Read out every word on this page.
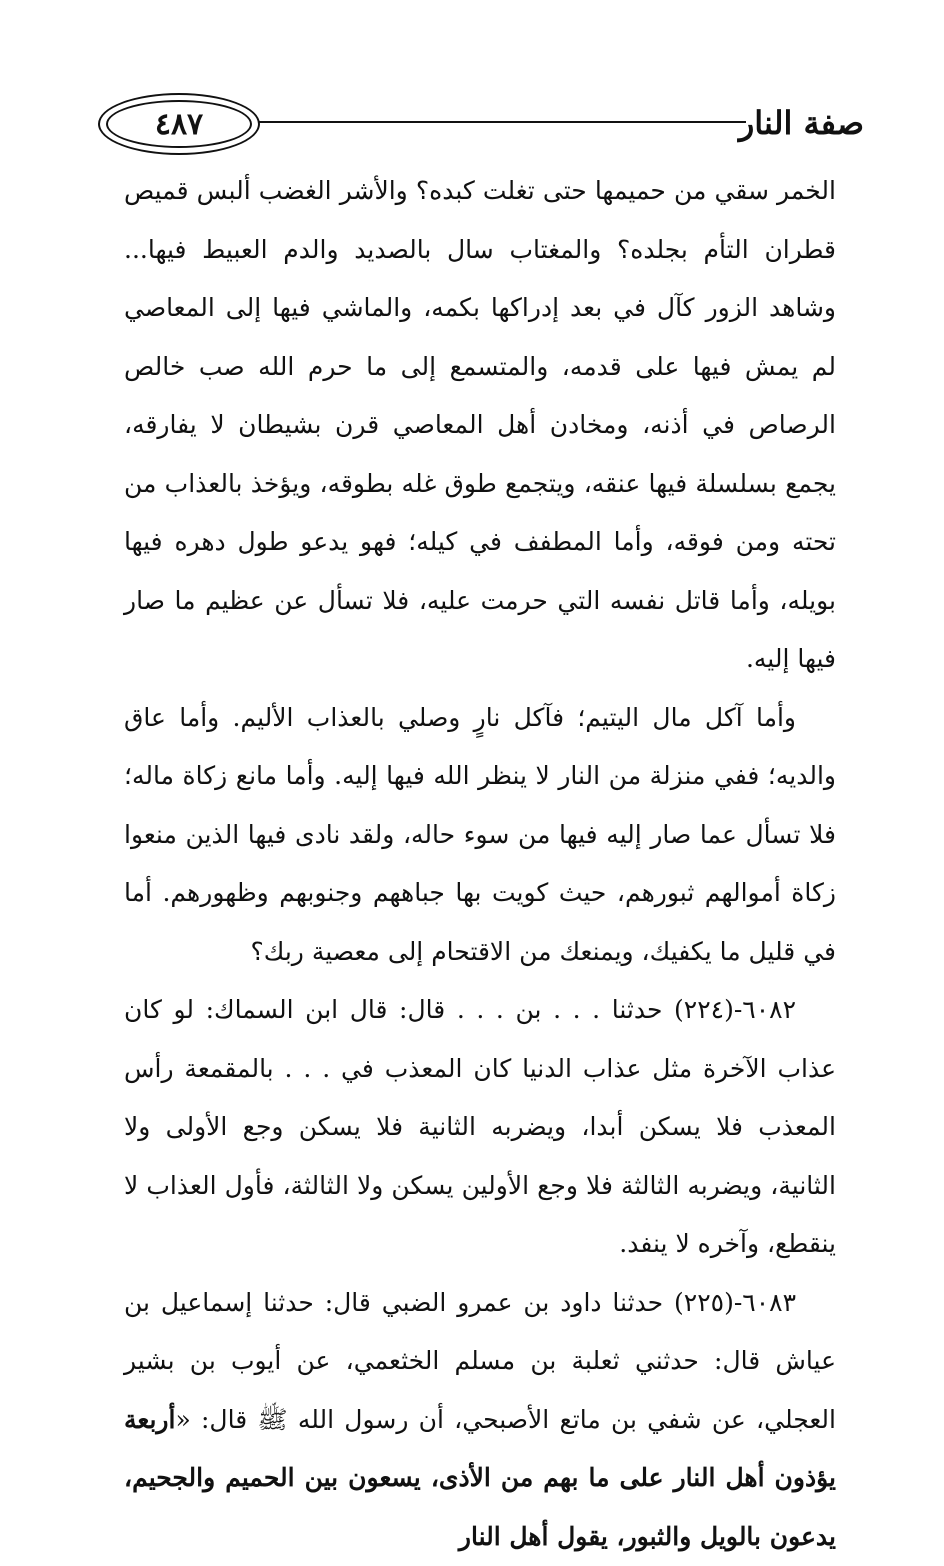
٤٨٧	صفة النار

الخمر سقي من حميمها حتى تغلت كبده؟ والأشر الغضب ألبس قميص قطران التأم بجلده؟ والمغتاب سال بالصديد والدم العبيط فيها... وشاهد الزور كآل في بعد إدراكها بكمه، والماشي فيها إلى المعاصي لم يمش فيها على قدمه، والمتسمع إلى ما حرم الله صب خالص الرصاص في أذنه، ومخادن أهل المعاصي قرن بشيطان لا يفارقه، يجمع بسلسلة فيها عنقه، ويتجمع طوق غله بطوقه، ويؤخذ بالعذاب من تحته ومن فوقه، وأما المطفف في كيله؛ فهو يدعو طول دهره فيها بويله، وأما قاتل نفسه التي حرمت عليه، فلا تسأل عن عظيم ما صار فيها إليه.

وأما آكل مال اليتيم؛ فآكل نارٍ وصلي بالعذاب الأليم. وأما عاق والديه؛ ففي منزلة من النار لا ينظر الله فيها إليه. وأما مانع زكاة ماله؛ فلا تسأل عما صار إليه فيها من سوء حاله، ولقد نادى فيها الذين منعوا زكاة أموالهم ثبورهم، حيث كويت بها جباههم وجنوبهم وظهورهم. أما في قليل ما يكفيك، ويمنعك من الاقتحام إلى معصية ربك؟

٦٠٨٢-(٢٢٤) حدثنا . . . بن . . . قال: قال ابن السماك: لو كان عذاب الآخرة مثل عذاب الدنيا كان المعذب في . . . بالمقمعة رأس المعذب فلا يسكن أبدا، ويضربه الثانية فلا يسكن وجع الأولى ولا الثانية، ويضربه الثالثة فلا وجع الأولين يسكن ولا الثالثة، فأول العذاب لا ينقطع، وآخره لا ينفد.

٦٠٨٣-(٢٢٥) حدثنا داود بن عمرو الضبي قال: حدثنا إسماعيل بن عياش قال: حدثني ثعلبة بن مسلم الخثعمي، عن أيوب بن بشير العجلي، عن شفي بن ماتع الأصبحي، أن رسول الله ﷺ قال: «أربعة يؤذون أهل النار على ما بهم من الأذى، يسعون بين الحميم والجحيم، يدعون بالويل والثبور، يقول أهل النار
